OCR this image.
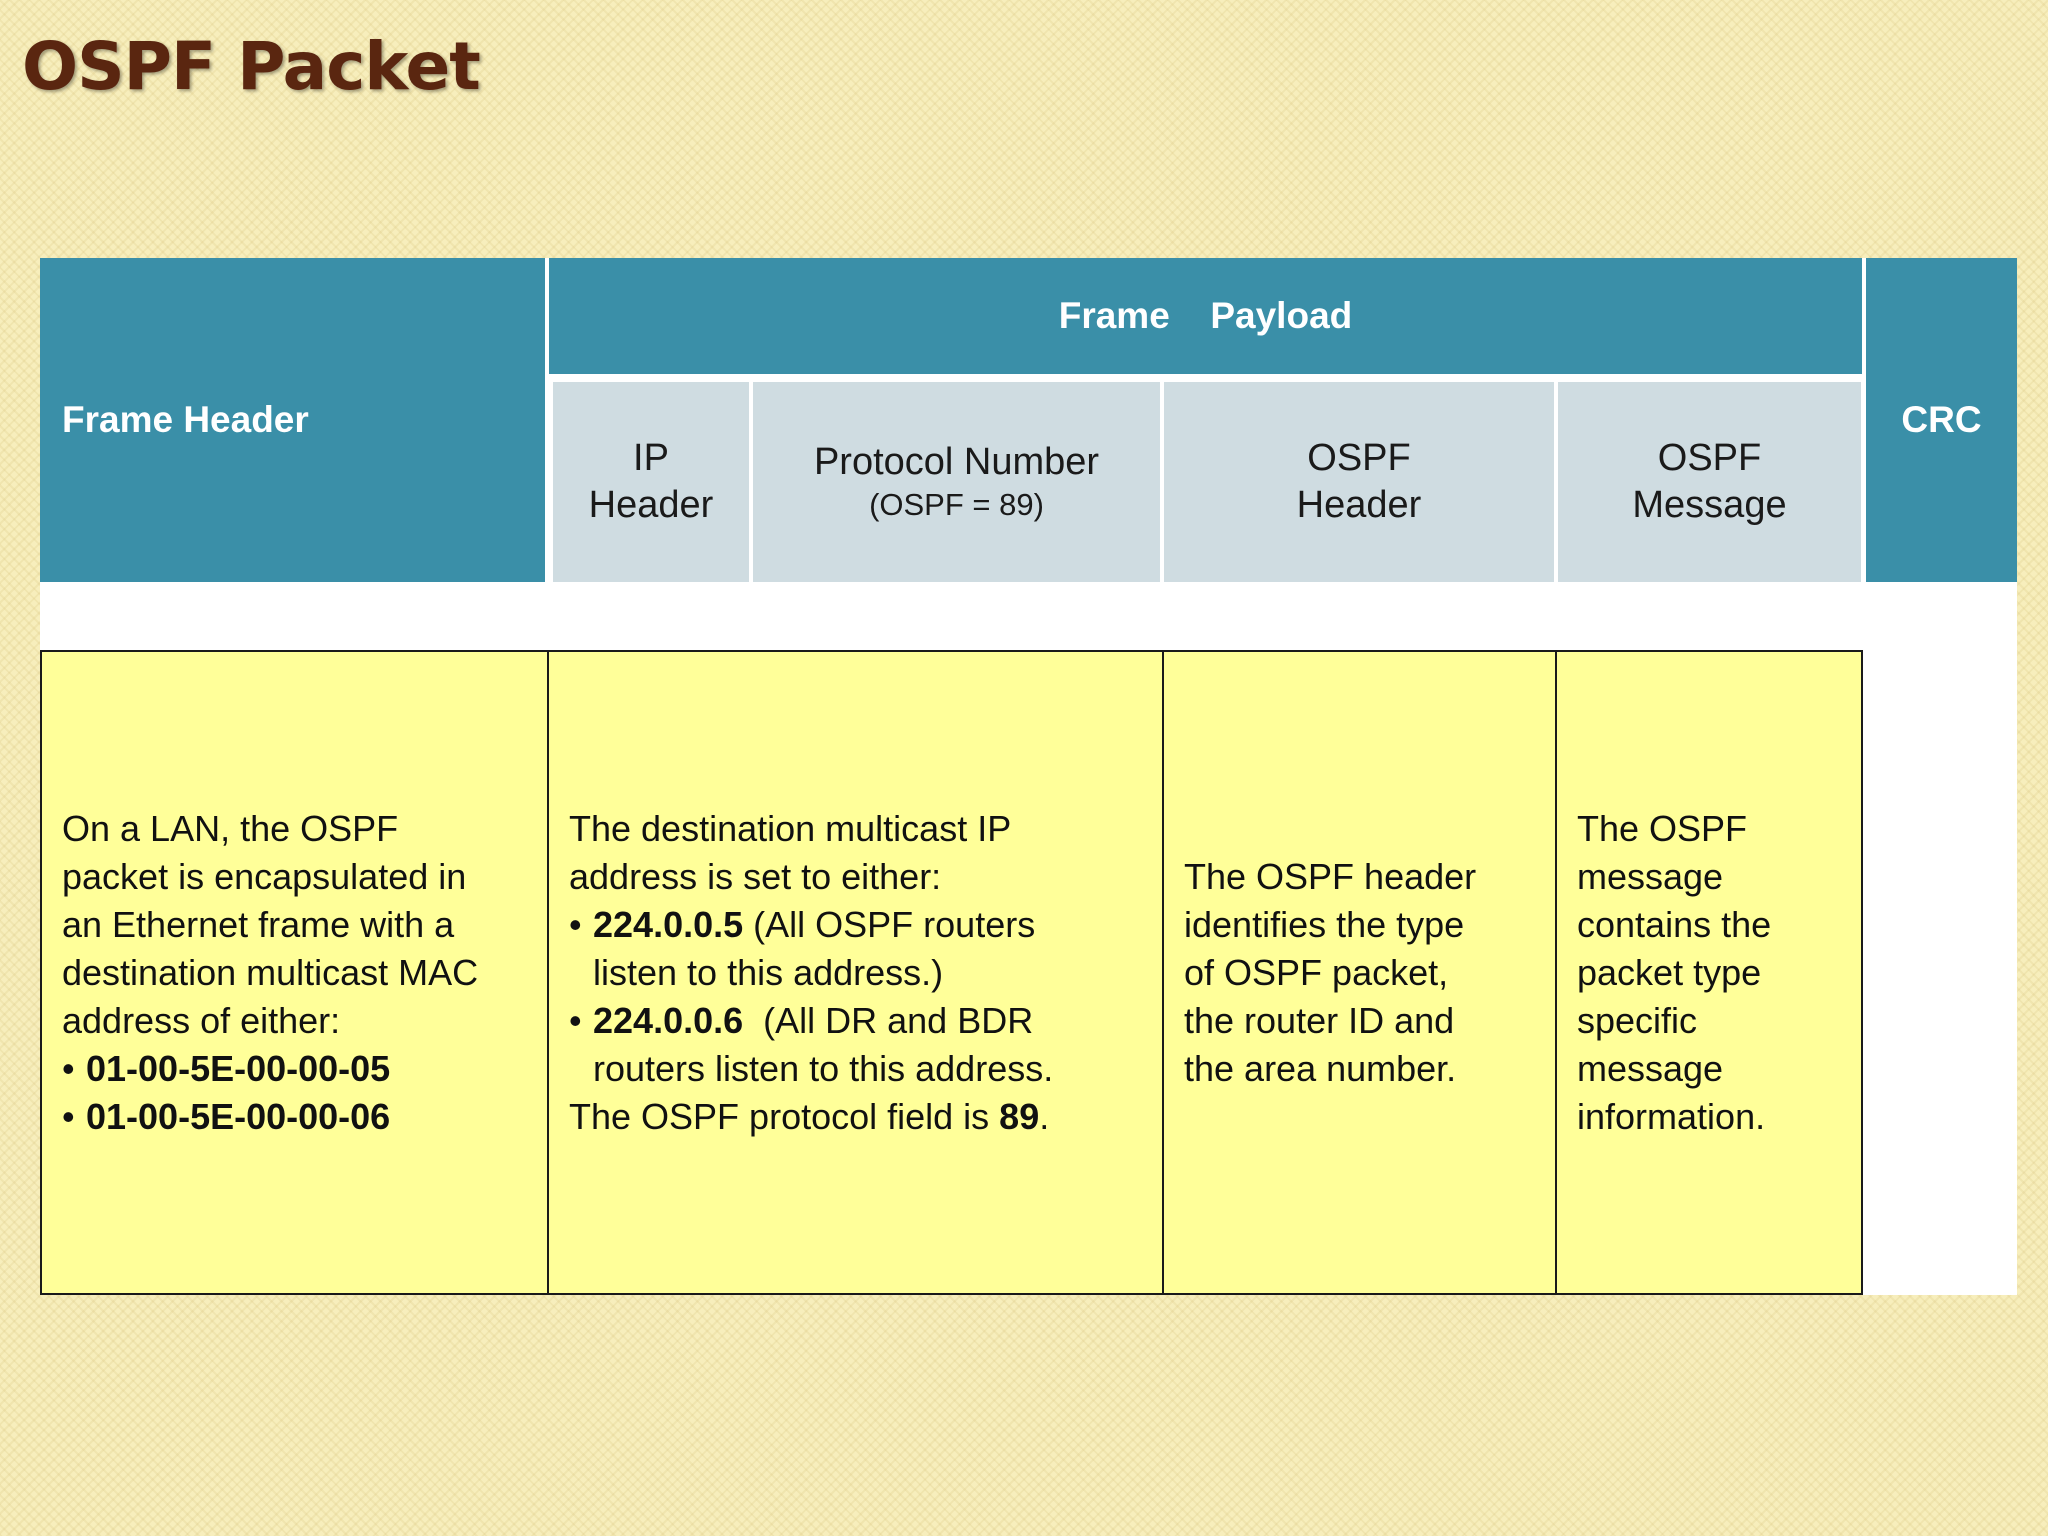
OSPF Packet
Frame Header
Frame  Payload
CRC
IP
Header
Protocol Number
(OSPF = 89)
OSPF
Header
OSPF
Message
On a LAN, the OSPF
packet is encapsulated in
an Ethernet frame with a
destination multicast MAC
address of either:
• 01-00-5E-00-00-05
• 01-00-5E-00-00-06
The destination multicast IP
address is set to either:
• 224.0.0.5 (All OSPF routers
listen to this address.)
• 224.0.0.6  (All DR and BDR
routers listen to this address.
The OSPF protocol field is 89.
The OSPF header
identifies the type
of OSPF packet,
the router ID and
the area number.
The OSPF
message
contains the
packet type
specific
message
information.
